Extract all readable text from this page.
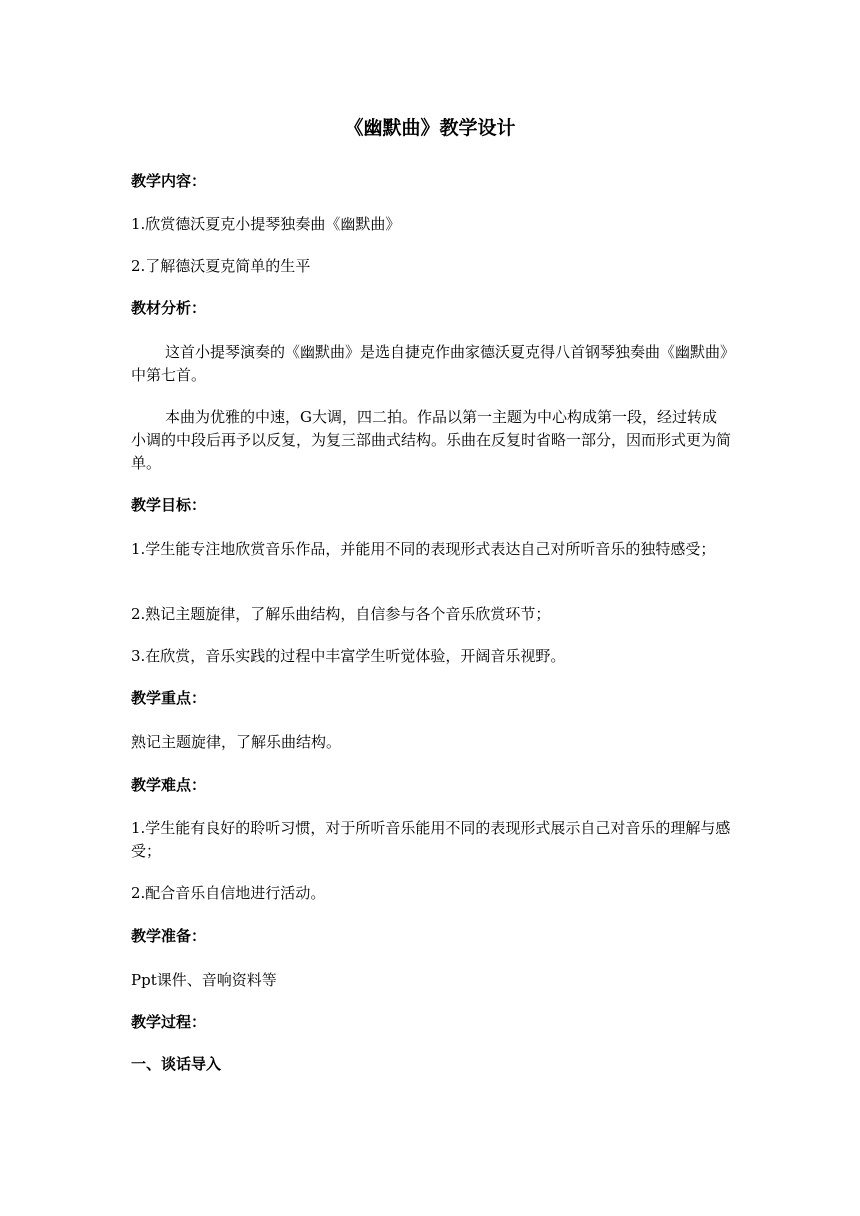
《幽默曲》教学设计
教学内容：
1.欣赏德沃夏克小提琴独奏曲《幽默曲》
2.了解德沃夏克简单的生平
教材分析：
这首小提琴演奏的《幽默曲》是选自捷克作曲家德沃夏克得八首钢琴独奏曲《幽默曲》中第七首。
本曲为优雅的中速，G大调，四二拍。作品以第一主题为中心构成第一段，经过转成小调的中段后再予以反复，为复三部曲式结构。乐曲在反复时省略一部分，因而形式更为简单。
教学目标：
1.学生能专注地欣赏音乐作品，并能用不同的表现形式表达自己对所听音乐的独特感受；
2.熟记主题旋律，了解乐曲结构，自信参与各个音乐欣赏环节；
3.在欣赏，音乐实践的过程中丰富学生听觉体验，开阔音乐视野。
教学重点：
熟记主题旋律，了解乐曲结构。
教学难点：
1.学生能有良好的聆听习惯，对于所听音乐能用不同的表现形式展示自己对音乐的理解与感受；
2.配合音乐自信地进行活动。
教学准备：
Ppt课件、音响资料等
教学过程：
一、谈话导入
